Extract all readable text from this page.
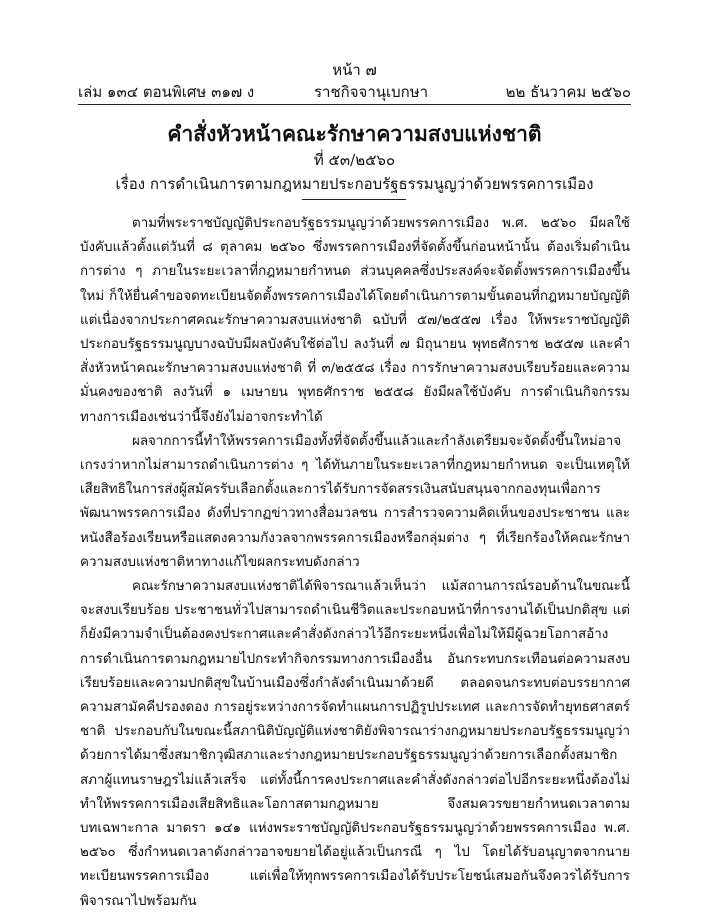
หน้า ๗
เล่ม ๑๓๔ ตอนพิเศษ ๓๑๗ ง	ราชกิจจานุเบกษา	๒๒ ธันวาคม ๒๕๖๐
คำสั่งหัวหน้าคณะรักษาความสงบแห่งชาติ
ที่ ๕๓/๒๕๖๐
เรื่อง การดำเนินการตามกฎหมายประกอบรัฐธรรมนูญว่าด้วยพรรคการเมือง

ตามที่พระราชบัญญัติประกอบรัฐธรรมนูญว่าด้วยพรรคการเมือง พ.ศ. ๒๕๖๐ มีผลใช้บังคับแล้วตั้งแต่วันที่ ๘ ตุลาคม ๒๕๖๐ ซึ่งพรรคการเมืองที่จัดตั้งขึ้นก่อนหน้านั้น ต้องเริ่มดำเนินการต่าง ๆ ภายในระยะเวลาที่กฎหมายกำหนด ส่วนบุคคลซึ่งประสงค์จะจัดตั้งพรรคการเมืองขึ้นใหม่ ก็ให้ยื่นคำขอจดทะเบียนจัดตั้งพรรคการเมืองได้โดยดำเนินการตามขั้นตอนที่กฎหมายบัญญัติ แต่เนื่องจากประกาศคณะรักษาความสงบแห่งชาติ ฉบับที่ ๕๗/๒๕๕๗ เรื่อง ให้พระราชบัญญัติประกอบรัฐธรรมนูญบางฉบับมีผลบังคับใช้ต่อไป ลงวันที่ ๗ มิถุนายน พุทธศักราช ๒๕๕๗ และคำสั่งหัวหน้าคณะรักษาความสงบแห่งชาติ ที่ ๓/๒๕๕๘ เรื่อง การรักษาความสงบเรียบร้อยและความมั่นคงของชาติ ลงวันที่ ๑ เมษายน พุทธศักราช ๒๕๕๘ ยังมีผลใช้บังคับ การดำเนินกิจกรรมทางการเมืองเช่นว่านี้จึงยังไม่อาจกระทำได้

ผลจากการนี้ทำให้พรรคการเมืองทั้งที่จัดตั้งขึ้นแล้วและกำลังเตรียมจะจัดตั้งขึ้นใหม่อาจเกรงว่าหากไม่สามารถดำเนินการต่าง ๆ ได้ทันภายในระยะเวลาที่กฎหมายกำหนด จะเป็นเหตุให้เสียสิทธิในการส่งผู้สมัครรับเลือกตั้งและการได้รับการจัดสรรเงินสนับสนุนจากกองทุนเพื่อการพัฒนาพรรคการเมือง ดังที่ปรากฏข่าวทางสื่อมวลชน การสำรวจความคิดเห็นของประชาชน และหนังสือร้องเรียนหรือแสดงความกังวลจากพรรคการเมืองหรือกลุ่มต่าง ๆ ที่เรียกร้องให้คณะรักษาความสงบแห่งชาติหาทางแก้ไขผลกระทบดังกล่าว

คณะรักษาความสงบแห่งชาติได้พิจารณาแล้วเห็นว่า แม้สถานการณ์รอบด้านในขณะนี้จะสงบเรียบร้อย ประชาชนทั่วไปสามารถดำเนินชีวิตและประกอบหน้าที่การงานได้เป็นปกติสุข แต่ก็ยังมีความจำเป็นต้องคงประกาศและคำสั่งดังกล่าวไว้อีกระยะหนึ่งเพื่อไม่ให้มีผู้ฉวยโอกาสอ้างการดำเนินการตามกฎหมายไปกระทำกิจกรรมทางการเมืองอื่น อันกระทบกระเทือนต่อความสงบเรียบร้อยและความปกติสุขในบ้านเมืองซึ่งกำลังดำเนินมาด้วยดี ตลอดจนกระทบต่อบรรยากาศความสามัคคีปรองดอง การอยู่ระหว่างการจัดทำแผนการปฏิรูปประเทศ และการจัดทำยุทธศาสตร์ชาติ ประกอบกับในขณะนี้สภานิติบัญญัติแห่งชาติยังพิจารณาร่างกฎหมายประกอบรัฐธรรมนูญว่าด้วยการได้มาซึ่งสมาชิกวุฒิสภาและร่างกฎหมายประกอบรัฐธรรมนูญว่าด้วยการเลือกตั้งสมาชิกสภาผู้แทนราษฎรไม่แล้วเสร็จ แต่ทั้งนี้การคงประกาศและคำสั่งดังกล่าวต่อไปอีกระยะหนึ่งต้องไม่ทำให้พรรคการเมืองเสียสิทธิและโอกาสตามกฎหมาย จึงสมควรขยายกำหนดเวลาตามบทเฉพาะกาล มาตรา ๑๔๑ แห่งพระราชบัญญัติประกอบรัฐธรรมนูญว่าด้วยพรรคการเมือง พ.ศ. ๒๕๖๐ ซึ่งกำหนดเวลาดังกล่าวอาจขยายได้อยู่แล้วเป็นกรณี ๆ ไป โดยได้รับอนุญาตจากนายทะเบียนพรรคการเมือง แต่เพื่อให้ทุกพรรคการเมืองได้รับประโยชน์เสมอกันจึงควรได้รับการพิจารณาไปพร้อมกัน
